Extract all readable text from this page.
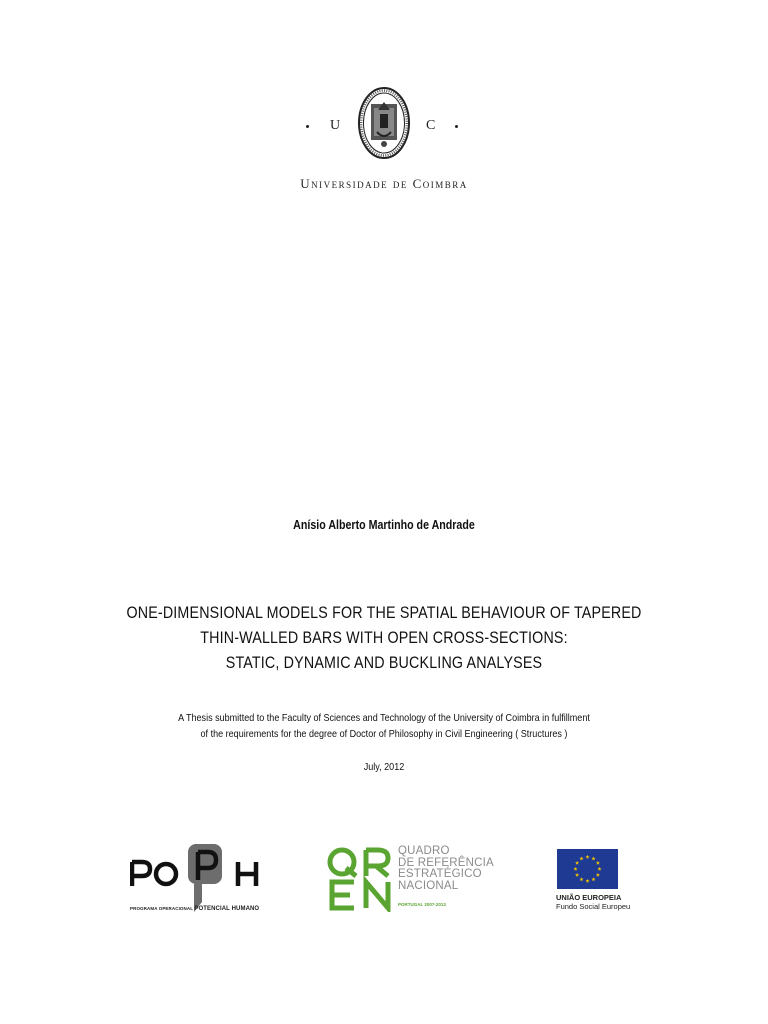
U	C
Universidade de Coimbra
Anísio Alberto Martinho de Andrade
ONE-DIMENSIONAL MODELS FOR THE SPATIAL BEHAVIOUR OF TAPERED
THIN-WALLED BARS WITH OPEN CROSS-SECTIONS:
STATIC, DYNAMIC AND BUCKLING ANALYSES
A Thesis submitted to the Faculty of Sciences and Technology of the University of Coimbra in fulfillment
of the requirements for the degree of Doctor of Philosophy in Civil Engineering ( Structures )
July, 2012
PROGRAMA OPERACIONAL POTENCIAL HUMANO
QUADRO
DE REFERÊNCIA
ESTRATÉGICO
NACIONAL
PORTUGAL 2007-2013
UNIÃO EUROPEIA
Fundo Social Europeu
